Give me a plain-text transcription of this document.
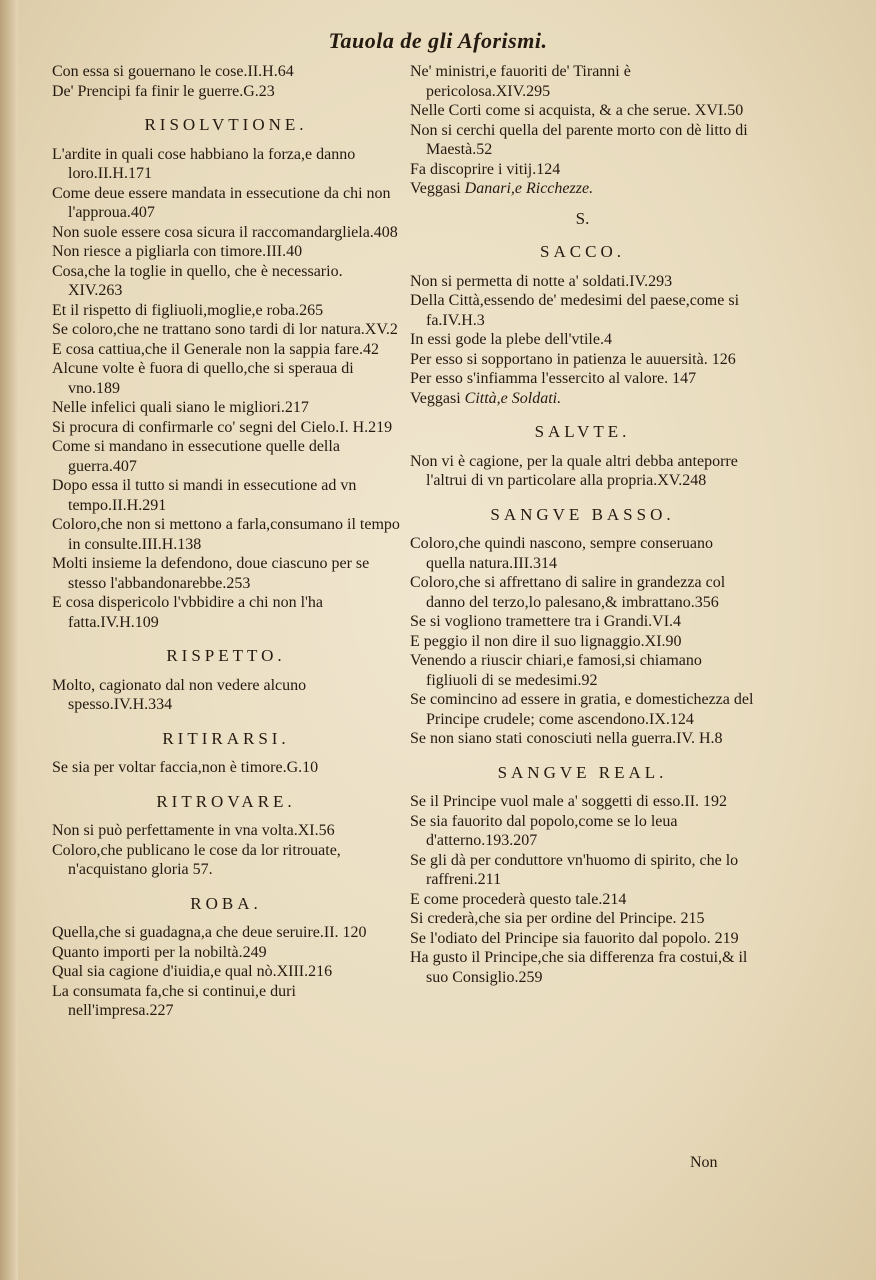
Tauola de gli Aforismi.

Con essa si gouernano le cose.II.H.64

De' Prencipi fa finir le guerre.G.23

RISOLVTIONE.

L'ardite in quali cose habbiano la forza,e danno loro.II.H.171

Come deue essere mandata in essecutione da chi non l'approua.407

Non suole essere cosa sicura il raccomandargliela.408

Non riesce a pigliarla con timore.III.40

Cosa,che la toglie in quello, che è necessario. XIV.263

Et il rispetto di figliuoli,moglie,e roba.265

Se coloro,che ne trattano sono tardi di lor natura.XV.2

E cosa cattiua,che il Generale non la sappia fare.42

Alcune volte è fuora di quello,che si speraua di vno.189

Nelle infelici quali siano le migliori.217

Si procura di confirmarle co' segni del Cielo.I. H.219

Come si mandano in essecutione quelle della guerra.407

Dopo essa il tutto si mandi in essecutione ad vn tempo.II.H.291

Coloro,che non si mettono a farla,consumano il tempo in consulte.III.H.138

Molti insieme la defendono, doue ciascuno per se stesso l'abbandonarebbe.253

E cosa dispericolo l'vbbidire a chi non l'ha fatta.IV.H.109

RISPETTO.

Molto, cagionato dal non vedere alcuno spesso.IV.H.334

RITIRARSI.

Se sia per voltar faccia,non è timore.G.10

RITROVARE.

Non si può perfettamente in vna volta.XI.56

Coloro,che publicano le cose da lor ritrouate, n'acquistano gloria 57.

ROBA.

Quella,che si guadagna,a che deue seruire.II. 120

Quanto importi per la nobiltà.249

Qual sia cagione d'iuidia,e qual nò.XIII.216

La consumata fa,che si continui,e duri nell'impresa.227

Ne' ministri,e fauoriti de' Tiranni è pericolosa.XIV.295

Nelle Corti come si acquista, & a che serue. XVI.50

Non si cerchi quella del parente morto con dè litto di Maestà.52

Fa discoprire i vitij.124

Veggasi Danari,e Ricchezze.

S.
SACCO.

Non si permetta di notte a' soldati.IV.293

Della Città,essendo de' medesimi del paese,come si fa.IV.H.3

In essi gode la plebe dell'vtile.4

Per esso si sopportano in patienza le auuersità. 126

Per esso s'infiamma l'essercito al valore. 147

Veggasi Città,e Soldati.

SALVTE.

Non vi è cagione, per la quale altri debba anteporre l'altrui di vn particolare alla propria.XV.248

SANGVE BASSO.

Coloro,che quindi nascono, sempre conseruano quella natura.III.314

Coloro,che si affrettano di salire in grandezza col danno del terzo,lo palesano,& imbrattano.356

Se si vogliono tramettere tra i Grandi.VI.4

E peggio il non dire il suo lignaggio.XI.90

Venendo a riuscir chiari,e famosi,si chiamano figliuoli di se medesimi.92

Se comincino ad essere in gratia, e domestichezza del Principe crudele; come ascendono.IX.124

Se non siano stati conosciuti nella guerra.IV. H.8

SANGVE REAL.

Se il Principe vuol male a' soggetti di esso.II. 192

Se sia fauorito dal popolo,come se lo leua d'atterno.193.207

Se gli dà per conduttore vn'huomo di spirito, che lo raffreni.211

E come procederà questo tale.214

Si crederà,che sia per ordine del Principe. 215

Se l'odiato del Principe sia fauorito dal popolo. 219

Ha gusto il Principe,che sia differenza fra costui,& il suo Consiglio.259

Non
